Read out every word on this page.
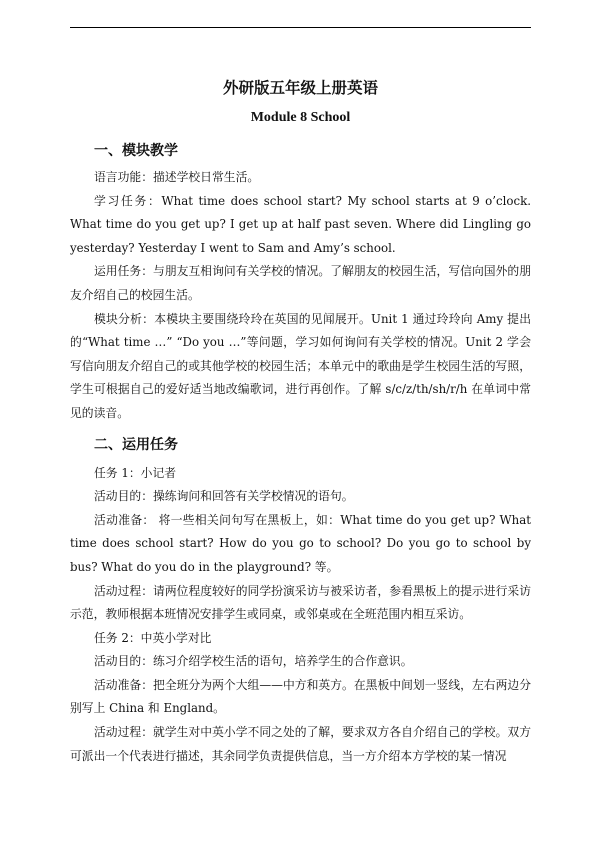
外研版五年级上册英语
Module 8 School
一、模块教学

语言功能：描述学校日常生活。

学习任务：What time does school start? My school starts at 9 o’clock. What time do you get up? I get up at half past seven. Where did Lingling go yesterday? Yesterday I went to Sam and Amy’s school.

运用任务：与朋友互相询问有关学校的情况。了解朋友的校园生活，写信向国外的朋友介绍自己的校园生活。

模块分析：本模块主要围绕玲玲在英国的见闻展开。Unit 1 通过玲玲向 Amy 提出的“What time …” “Do you …”等问题，学习如何询问有关学校的情况。Unit 2 学会写信向朋友介绍自己的或其他学校的校园生活；本单元中的歌曲是学生校园生活的写照，学生可根据自己的爱好适当地改编歌词，进行再创作。了解 s/c/z/th/sh/r/h 在单词中常见的读音。

二、运用任务

任务 1：小记者

活动目的：操练询问和回答有关学校情况的语句。

活动准备： 将一些相关问句写在黑板上，如：What time do you get up? What time does school start? How do you go to school? Do you go to school by bus? What do you do in the playground? 等。

活动过程：请两位程度较好的同学扮演采访与被采访者，参看黑板上的提示进行采访示范，教师根据本班情况安排学生或同桌，或邻桌或在全班范围内相互采访。

任务 2：中英小学对比

活动目的：练习介绍学校生活的语句，培养学生的合作意识。

活动准备：把全班分为两个大组——中方和英方。在黑板中间划一竖线，左右两边分别写上 China 和 England。

活动过程：就学生对中英小学不同之处的了解，要求双方各自介绍自己的学校。双方可派出一个代表进行描述，其余同学负责提供信息，当一方介绍本方学校的某一情况
